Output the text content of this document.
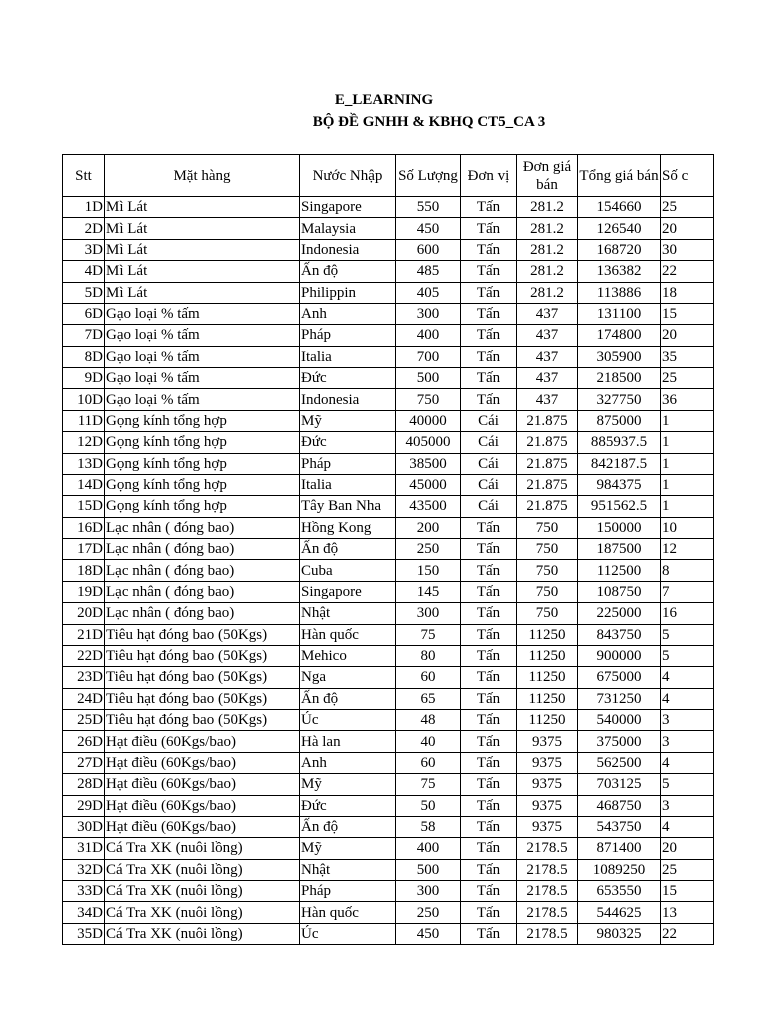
E_LEARNING
BỘ ĐỀ GNHH & KBHQ CT5_CA 3
Stt	Mặt hàng	Nước Nhập	Số Lượng	Đơn vị	Đơn giá bán	Tổng giá bán	Số c
1D	Mì Lát	Singapore	550	Tấn	281.2	154660	25
2D	Mì Lát	Malaysia	450	Tấn	281.2	126540	20
3D	Mì Lát	Indonesia	600	Tấn	281.2	168720	30
4D	Mì Lát	Ấn độ	485	Tấn	281.2	136382	22
5D	Mì Lát	Philippin	405	Tấn	281.2	113886	18
6D	Gạo loại % tấm	Anh	300	Tấn	437	131100	15
7D	Gạo loại % tấm	Pháp	400	Tấn	437	174800	20
8D	Gạo loại % tấm	Italia	700	Tấn	437	305900	35
9D	Gạo loại % tấm	Đức	500	Tấn	437	218500	25
10D	Gạo loại % tấm	Indonesia	750	Tấn	437	327750	36
11D	Gọng kính tổng hợp	Mỹ	40000	Cái	21.875	875000	1
12D	Gọng kính tổng hợp	Đức	405000	Cái	21.875	885937.5	1
13D	Gọng kính tổng hợp	Pháp	38500	Cái	21.875	842187.5	1
14D	Gọng kính tổng hợp	Italia	45000	Cái	21.875	984375	1
15D	Gọng kính tổng hợp	Tây Ban Nha	43500	Cái	21.875	951562.5	1
16D	Lạc nhân ( đóng bao)	Hồng Kong	200	Tấn	750	150000	10
17D	Lạc nhân ( đóng bao)	Ấn độ	250	Tấn	750	187500	12
18D	Lạc nhân ( đóng bao)	Cuba	150	Tấn	750	112500	8
19D	Lạc nhân ( đóng bao)	Singapore	145	Tấn	750	108750	7
20D	Lạc nhân ( đóng bao)	Nhật	300	Tấn	750	225000	16
21D	Tiêu hạt đóng bao (50Kgs)	Hàn quốc	75	Tấn	11250	843750	5
22D	Tiêu hạt đóng bao (50Kgs)	Mehico	80	Tấn	11250	900000	5
23D	Tiêu hạt đóng bao (50Kgs)	Nga	60	Tấn	11250	675000	4
24D	Tiêu hạt đóng bao (50Kgs)	Ấn độ	65	Tấn	11250	731250	4
25D	Tiêu hạt đóng bao (50Kgs)	Úc	48	Tấn	11250	540000	3
26D	Hạt điều (60Kgs/bao)	Hà lan	40	Tấn	9375	375000	3
27D	Hạt điều (60Kgs/bao)	Anh	60	Tấn	9375	562500	4
28D	Hạt điều (60Kgs/bao)	Mỹ	75	Tấn	9375	703125	5
29D	Hạt điều (60Kgs/bao)	Đức	50	Tấn	9375	468750	3
30D	Hạt điều (60Kgs/bao)	Ấn độ	58	Tấn	9375	543750	4
31D	Cá Tra XK (nuôi lồng)	Mỹ	400	Tấn	2178.5	871400	20
32D	Cá Tra XK (nuôi lồng)	Nhật	500	Tấn	2178.5	1089250	25
33D	Cá Tra XK (nuôi lồng)	Pháp	300	Tấn	2178.5	653550	15
34D	Cá Tra XK (nuôi lồng)	Hàn quốc	250	Tấn	2178.5	544625	13
35D	Cá Tra XK (nuôi lồng)	Úc	450	Tấn	2178.5	980325	22
